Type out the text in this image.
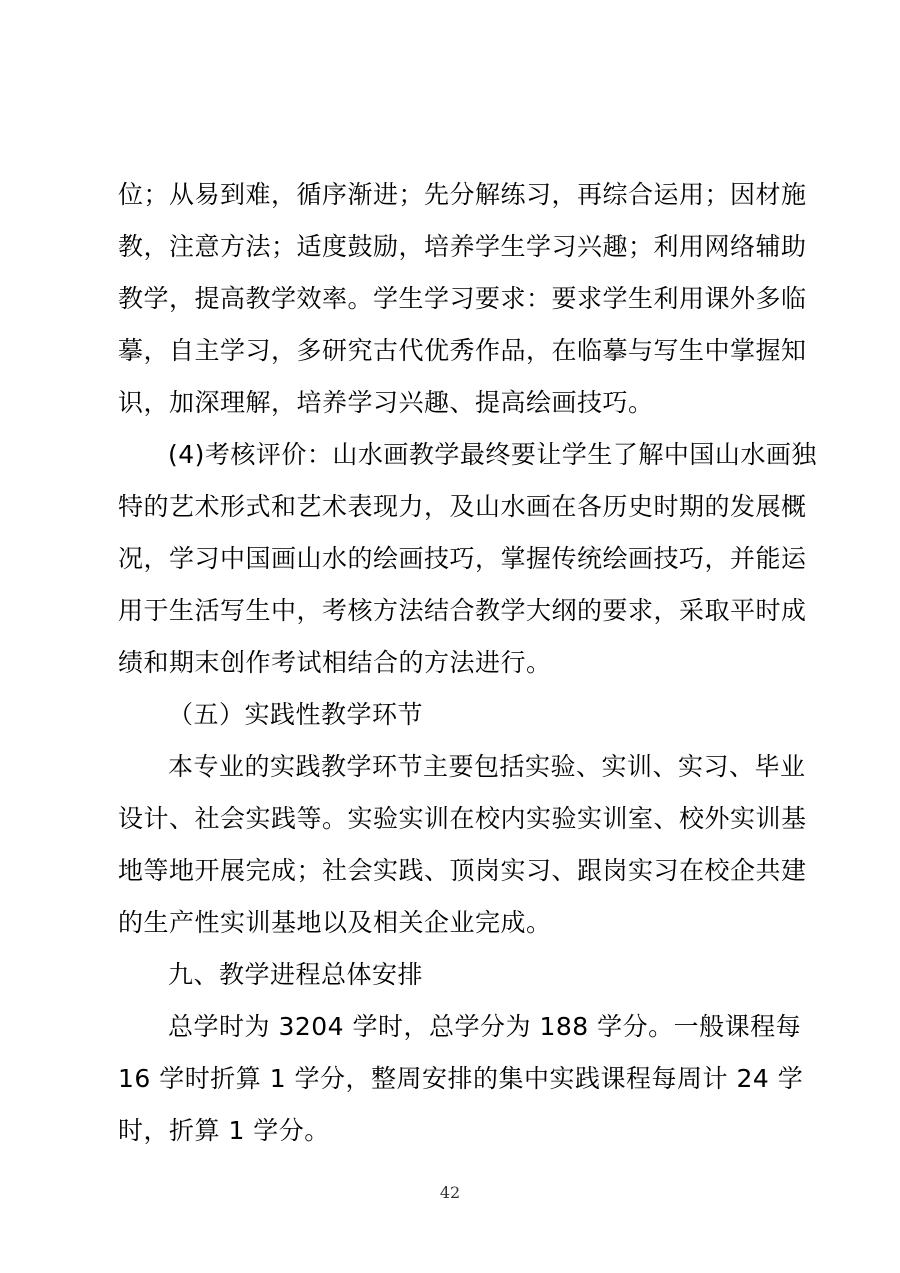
位；从易到难，循序渐进；先分解练习，再综合运用；因材施
教，注意方法；适度鼓励，培养学生学习兴趣；利用网络辅助
教学，提高教学效率。学生学习要求：要求学生利用课外多临
摹，自主学习，多研究古代优秀作品，在临摹与写生中掌握知
识，加深理解，培养学习兴趣、提高绘画技巧。
(4)考核评价：山水画教学最终要让学生了解中国山水画独
特的艺术形式和艺术表现力，及山水画在各历史时期的发展概
况，学习中国画山水的绘画技巧，掌握传统绘画技巧，并能运
用于生活写生中，考核方法结合教学大纲的要求，采取平时成
绩和期末创作考试相结合的方法进行。
（五）实践性教学环节
本专业的实践教学环节主要包括实验、实训、实习、毕业
设计、社会实践等。实验实训在校内实验实训室、校外实训基
地等地开展完成；社会实践、顶岗实习、跟岗实习在校企共建
的生产性实训基地以及相关企业完成。
九、教学进程总体安排
总学时为 3204 学时，总学分为 188 学分。一般课程每
16 学时折算 1 学分，整周安排的集中实践课程每周计 24 学
时，折算 1 学分。
42
